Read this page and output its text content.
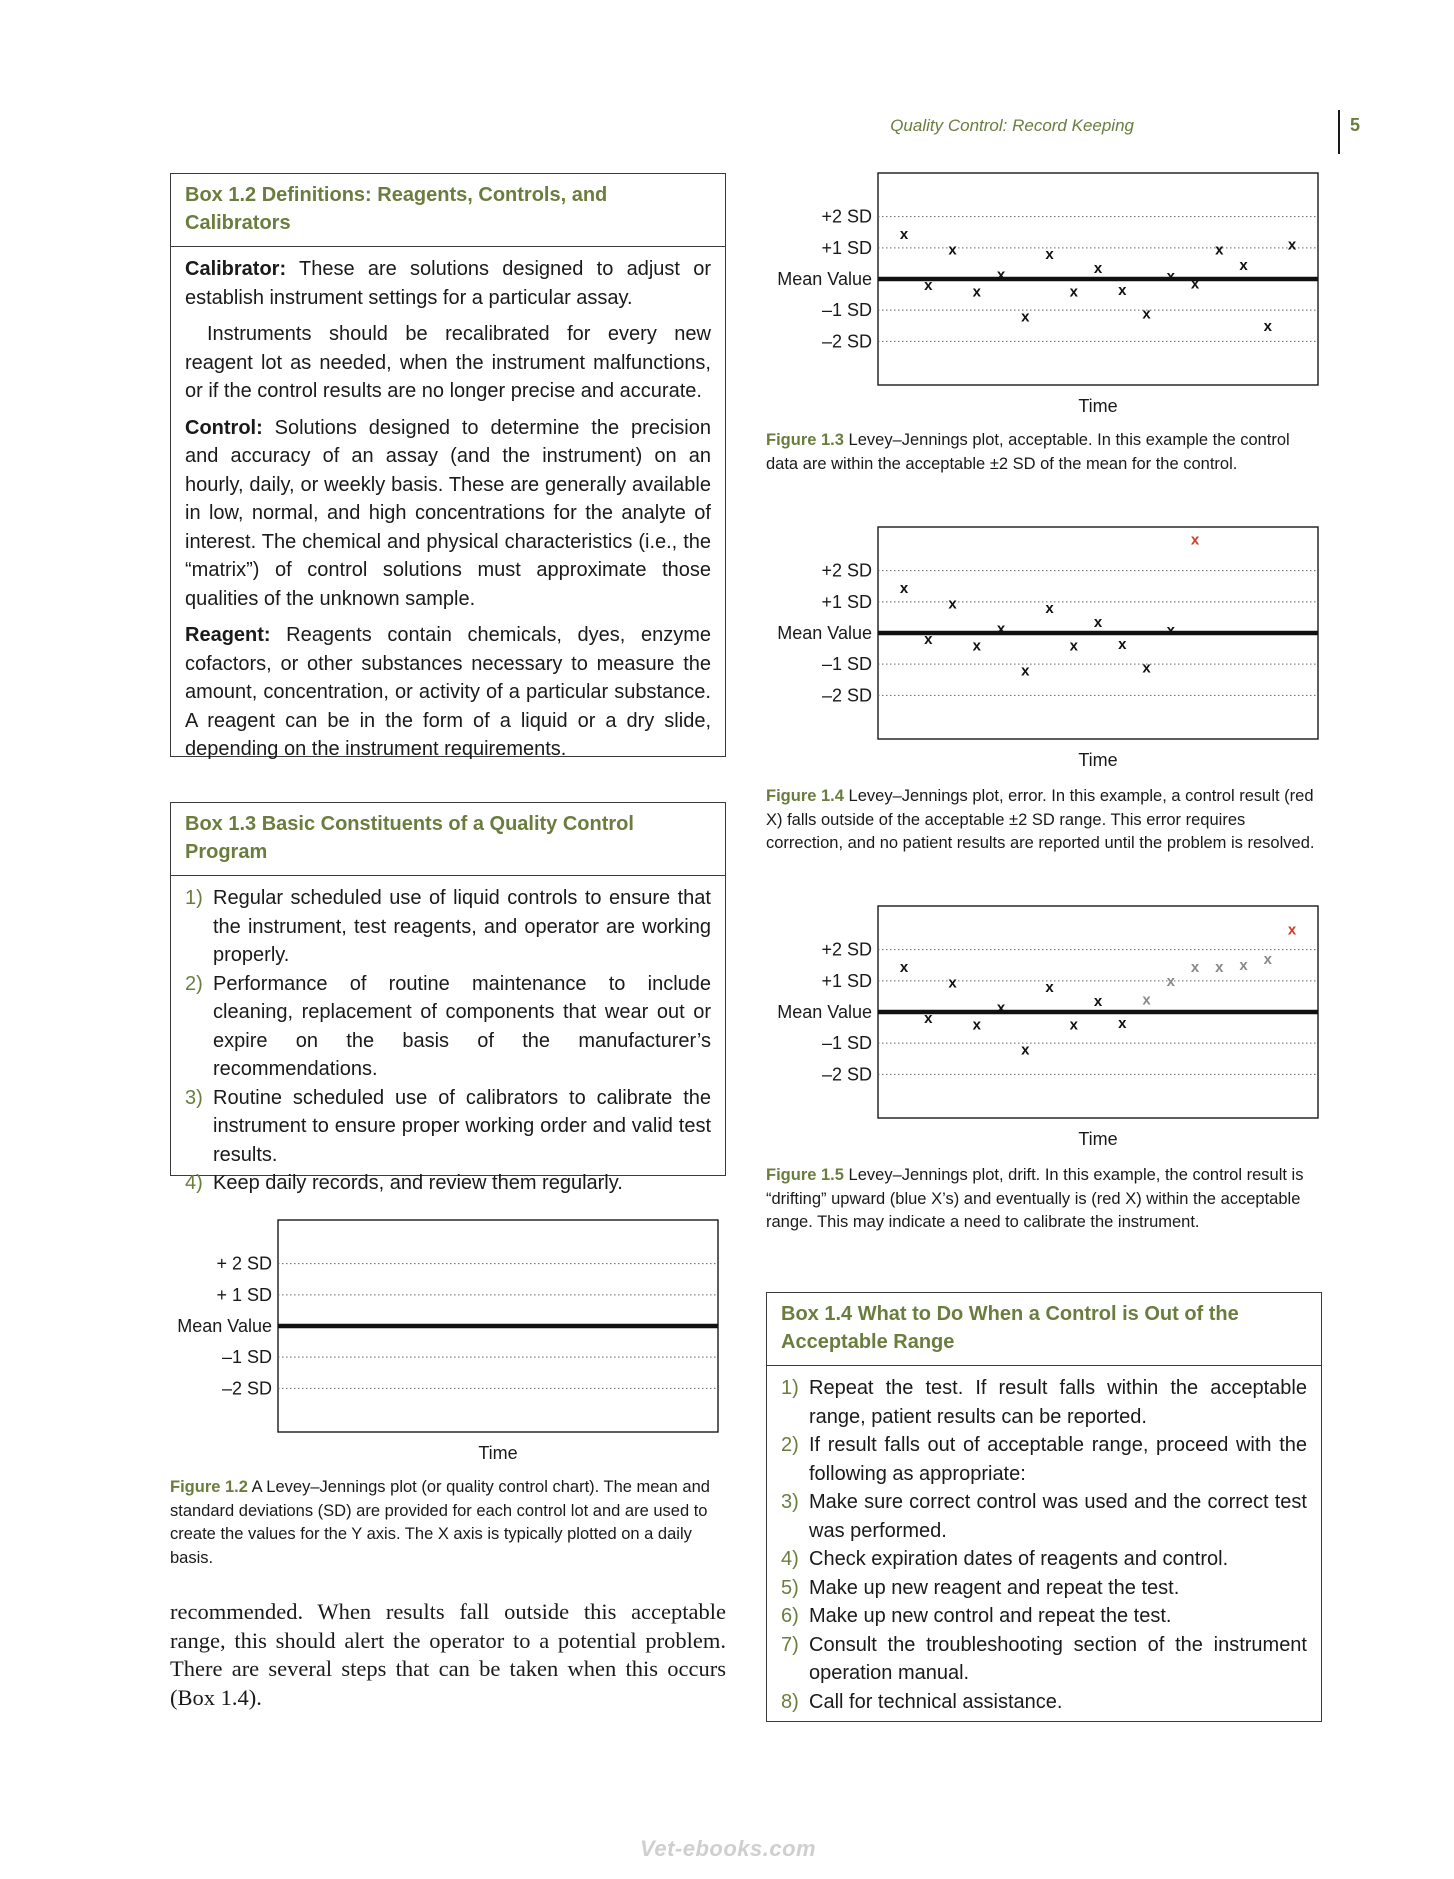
Quality Control: Record Keeping	5
Box 1.2 Definitions: Reagents, Controls, and Calibrators

Calibrator: These are solutions designed to adjust or establish instrument settings for a particular assay.

Instruments should be recalibrated for every new reagent lot as needed, when the instrument malfunctions, or if the control results are no longer precise and accurate.

Control: Solutions designed to determine the precision and accuracy of an assay (and the instrument) on an hourly, daily, or weekly basis. These are generally available in low, normal, and high concentrations for the analyte of interest. The chemical and physical characteristics (i.e., the “matrix”) of control solutions must approximate those qualities of the unknown sample.

Reagent: Reagents contain chemicals, dyes, enzyme cofactors, or other substances necessary to measure the amount, concentration, or activity of a particular substance. A reagent can be in the form of a liquid or a dry slide, depending on the instrument requirements.

Box 1.3 Basic Constituents of a Quality Control Program
1) Regular scheduled use of liquid controls to ensure that the instrument, test reagents, and operator are working properly.
2) Performance of routine maintenance to include cleaning, replacement of components that wear out or expire on the basis of the manufacturer’s recommendations.
3) Routine scheduled use of calibrators to calibrate the instrument to ensure proper working order and valid test results.
4) Keep daily records, and review them regularly.
+ 2 SD
+ 1 SD
Mean Value
–1 SD
–2 SD
Time
Figure 1.2 A Levey–Jennings plot (or quality control chart). The mean and standard deviations (SD) are provided for each control lot and are used to create the values for the Y axis. The X axis is typically plotted on a daily basis.
recommended. When results fall outside this acceptable range, this should alert the operator to a potential problem. There are several steps that can be taken when this occurs (Box 1.4).
+2 SD
+1 SD
Mean Value
–1 SD
–2 SD
Time
x
x
x
x
x
x
x
x
x
x
x
x x
x
x
x
x
Figure 1.3 Levey–Jennings plot, acceptable. In this example the control data are within the acceptable ±2 SD of the mean for the control.
+2 SD
+1 SD
Mean Value
–1 SD
–2 SD
Time
x
x
x
x
x
x
x
x
x
x
x
x
x
Figure 1.4 Levey–Jennings plot, error. In this example, a control result (red X) falls outside of the acceptable ±2 SD range. This error requires correction, and no patient results are reported until the problem is resolved.
+2 SD
+1 SD
Mean Value
–1 SD
–2 SD
Time
x
x
x
x
x
x
x
x
x
x
x
x
x x x x
x
Figure 1.5 Levey–Jennings plot, drift. In this example, the control result is “drifting” upward (blue X’s) and eventually is (red X) within the acceptable range. This may indicate a need to calibrate the instrument.
Box 1.4 What to Do When a Control is Out of the Acceptable Range
1) Repeat the test. If result falls within the acceptable range, patient results can be reported.
2) If result falls out of acceptable range, proceed with the following as appropriate:
3) Make sure correct control was used and the correct test was performed.
4) Check expiration dates of reagents and control.
5) Make up new reagent and repeat the test.
6) Make up new control and repeat the test.
7) Consult the troubleshooting section of the instrument operation manual.
8) Call for technical assistance.
Vet-ebooks.com
